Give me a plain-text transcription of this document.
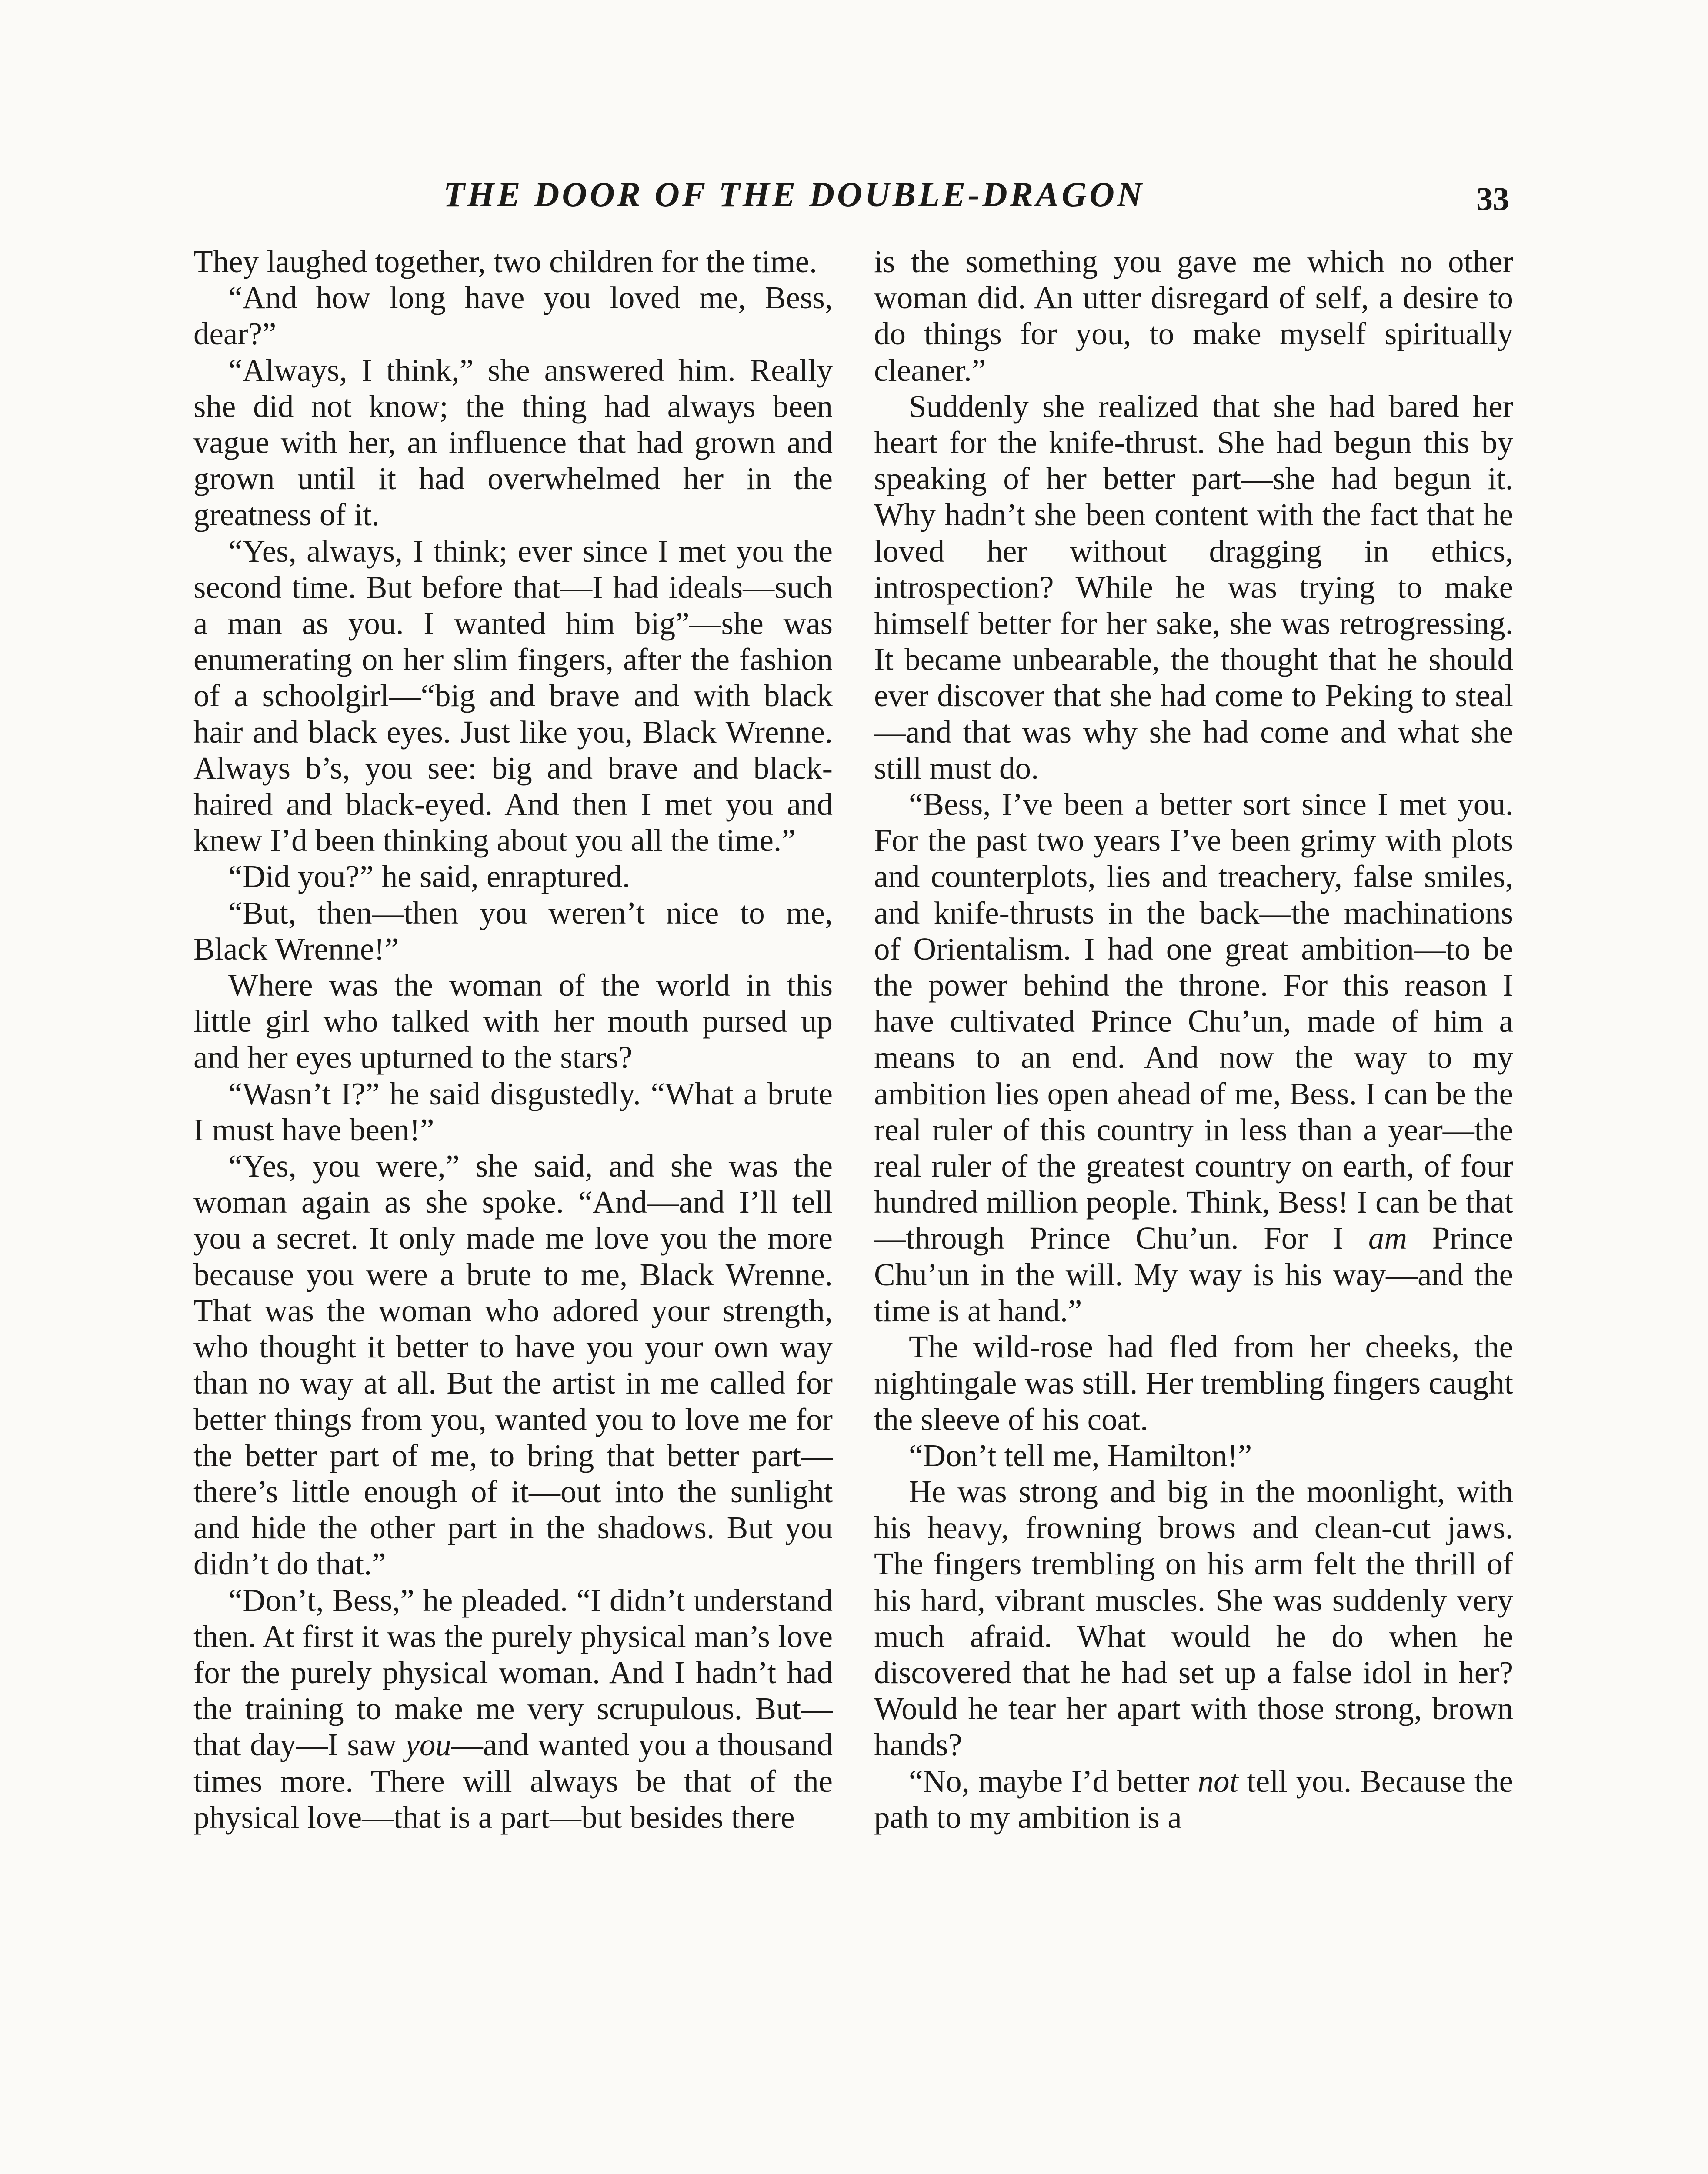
THE DOOR OF THE DOUBLE-DRAGON	33

They laughed together, two children for the time.

“And how long have you loved me, Bess, dear?”

“Always, I think,” she answered him. Really she did not know; the thing had always been vague with her, an influence that had grown and grown until it had overwhelmed her in the greatness of it.

“Yes, always, I think; ever since I met you the second time. But before that—I had ideals—such a man as you. I wanted him big”—she was enumerating on her slim fingers, after the fashion of a schoolgirl—“big and brave and with black hair and black eyes. Just like you, Black Wrenne. Always b’s, you see: big and brave and black-haired and black-eyed. And then I met you and knew I’d been thinking about you all the time.”

“Did you?” he said, enraptured.

“But, then—then you weren’t nice to me, Black Wrenne!”

Where was the woman of the world in this little girl who talked with her mouth pursed up and her eyes upturned to the stars?

“Wasn’t I?” he said disgustedly. “What a brute I must have been!”

“Yes, you were,” she said, and she was the woman again as she spoke. “And—and I’ll tell you a secret. It only made me love you the more because you were a brute to me, Black Wrenne. That was the woman who adored your strength, who thought it better to have you your own way than no way at all. But the artist in me called for better things from you, wanted you to love me for the better part of me, to bring that better part—there’s little enough of it—out into the sunlight and hide the other part in the shadows. But you didn’t do that.”

“Don’t, Bess,” he pleaded. “I didn’t understand then. At first it was the purely physical man’s love for the purely physical woman. And I hadn’t had the training to make me very scrupulous. But—that day—I saw you—and wanted you a thousand times more. There will always be that of the physical love—that is a part—but besides there

is the something you gave me which no other woman did. An utter disregard of self, a desire to do things for you, to make myself spiritually cleaner.”

Suddenly she realized that she had bared her heart for the knife-thrust. She had begun this by speaking of her better part—she had begun it. Why hadn’t she been content with the fact that he loved her without dragging in ethics, introspection? While he was trying to make himself better for her sake, she was retrogressing. It became unbearable, the thought that he should ever discover that she had come to Peking to steal—and that was why she had come and what she still must do.

“Bess, I’ve been a better sort since I met you. For the past two years I’ve been grimy with plots and counterplots, lies and treachery, false smiles, and knife-thrusts in the back—the machinations of Orientalism. I had one great ambition—to be the power behind the throne. For this reason I have cultivated Prince Chu’un, made of him a means to an end. And now the way to my ambition lies open ahead of me, Bess. I can be the real ruler of this country in less than a year—the real ruler of the greatest country on earth, of four hundred million people. Think, Bess! I can be that—through Prince Chu’un. For I am Prince Chu’un in the will. My way is his way—and the time is at hand.”

The wild-rose had fled from her cheeks, the nightingale was still. Her trembling fingers caught the sleeve of his coat.

“Don’t tell me, Hamilton!”

He was strong and big in the moonlight, with his heavy, frowning brows and clean-cut jaws. The fingers trembling on his arm felt the thrill of his hard, vibrant muscles. She was suddenly very much afraid. What would he do when he discovered that he had set up a false idol in her? Would he tear her apart with those strong, brown hands?

“No, maybe I’d better not tell you. Because the path to my ambition is a
